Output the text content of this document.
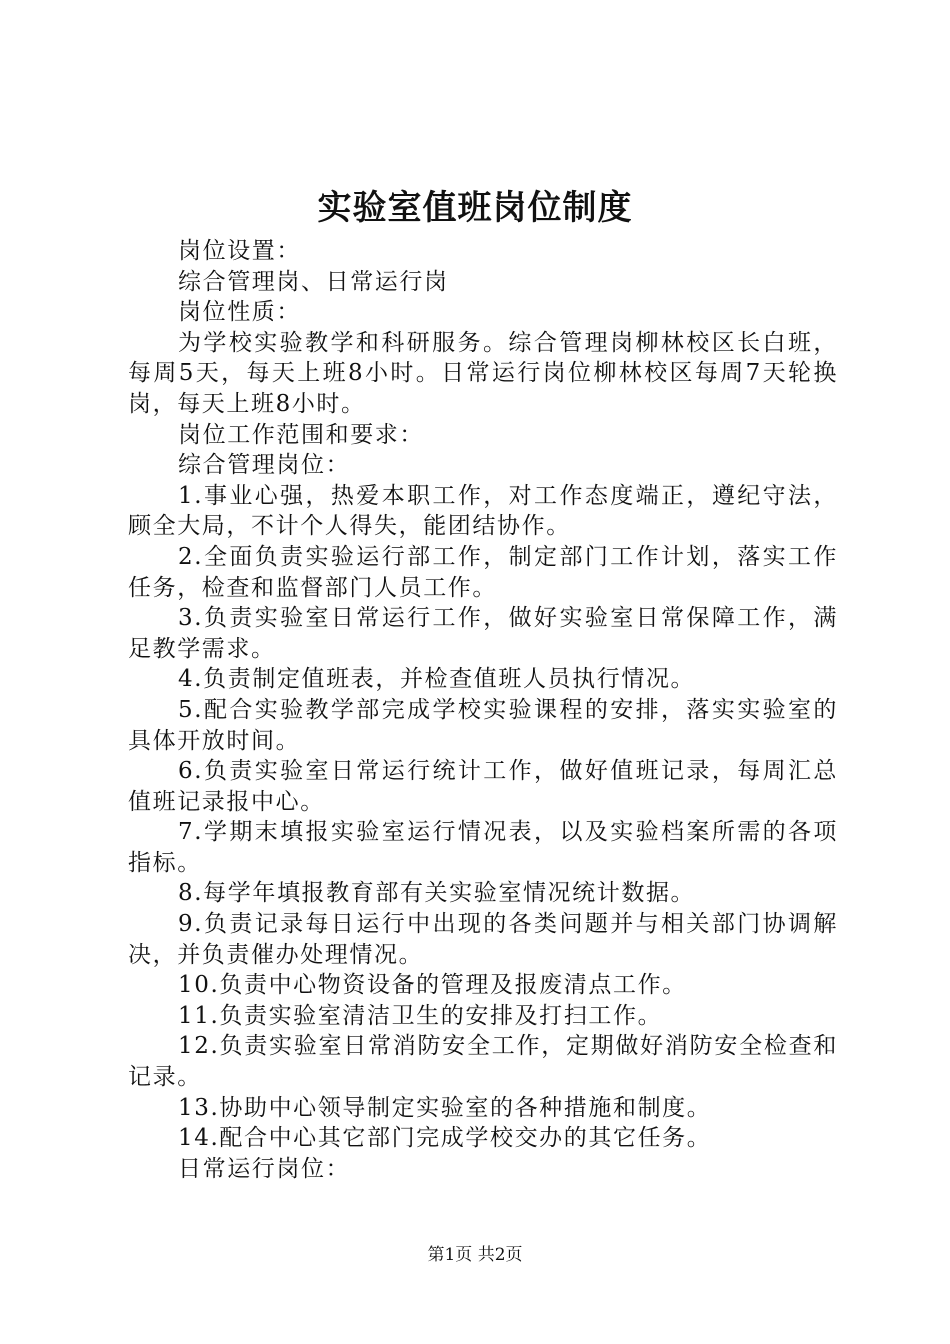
实验室值班岗位制度

岗位设置：

综合管理岗、日常运行岗

岗位性质：

为学校实验教学和科研服务。综合管理岗柳林校区长白班，每周5天，每天上班8小时。日常运行岗位柳林校区每周7天轮换岗，每天上班8小时。

岗位工作范围和要求：

综合管理岗位：

1.事业心强，热爱本职工作，对工作态度端正，遵纪守法，顾全大局，不计个人得失，能团结协作。

2.全面负责实验运行部工作，制定部门工作计划，落实工作任务，检查和监督部门人员工作。

3.负责实验室日常运行工作，做好实验室日常保障工作，满足教学需求。

4.负责制定值班表，并检查值班人员执行情况。

5.配合实验教学部完成学校实验课程的安排，落实实验室的具体开放时间。

6.负责实验室日常运行统计工作，做好值班记录，每周汇总值班记录报中心。

7.学期末填报实验室运行情况表，以及实验档案所需的各项指标。

8.每学年填报教育部有关实验室情况统计数据。

9.负责记录每日运行中出现的各类问题并与相关部门协调解决，并负责催办处理情况。

10.负责中心物资设备的管理及报废清点工作。

11.负责实验室清洁卫生的安排及打扫工作。

12.负责实验室日常消防安全工作，定期做好消防安全检查和记录。

13.协助中心领导制定实验室的各种措施和制度。

14.配合中心其它部门完成学校交办的其它任务。

日常运行岗位：

第1页 共2页
